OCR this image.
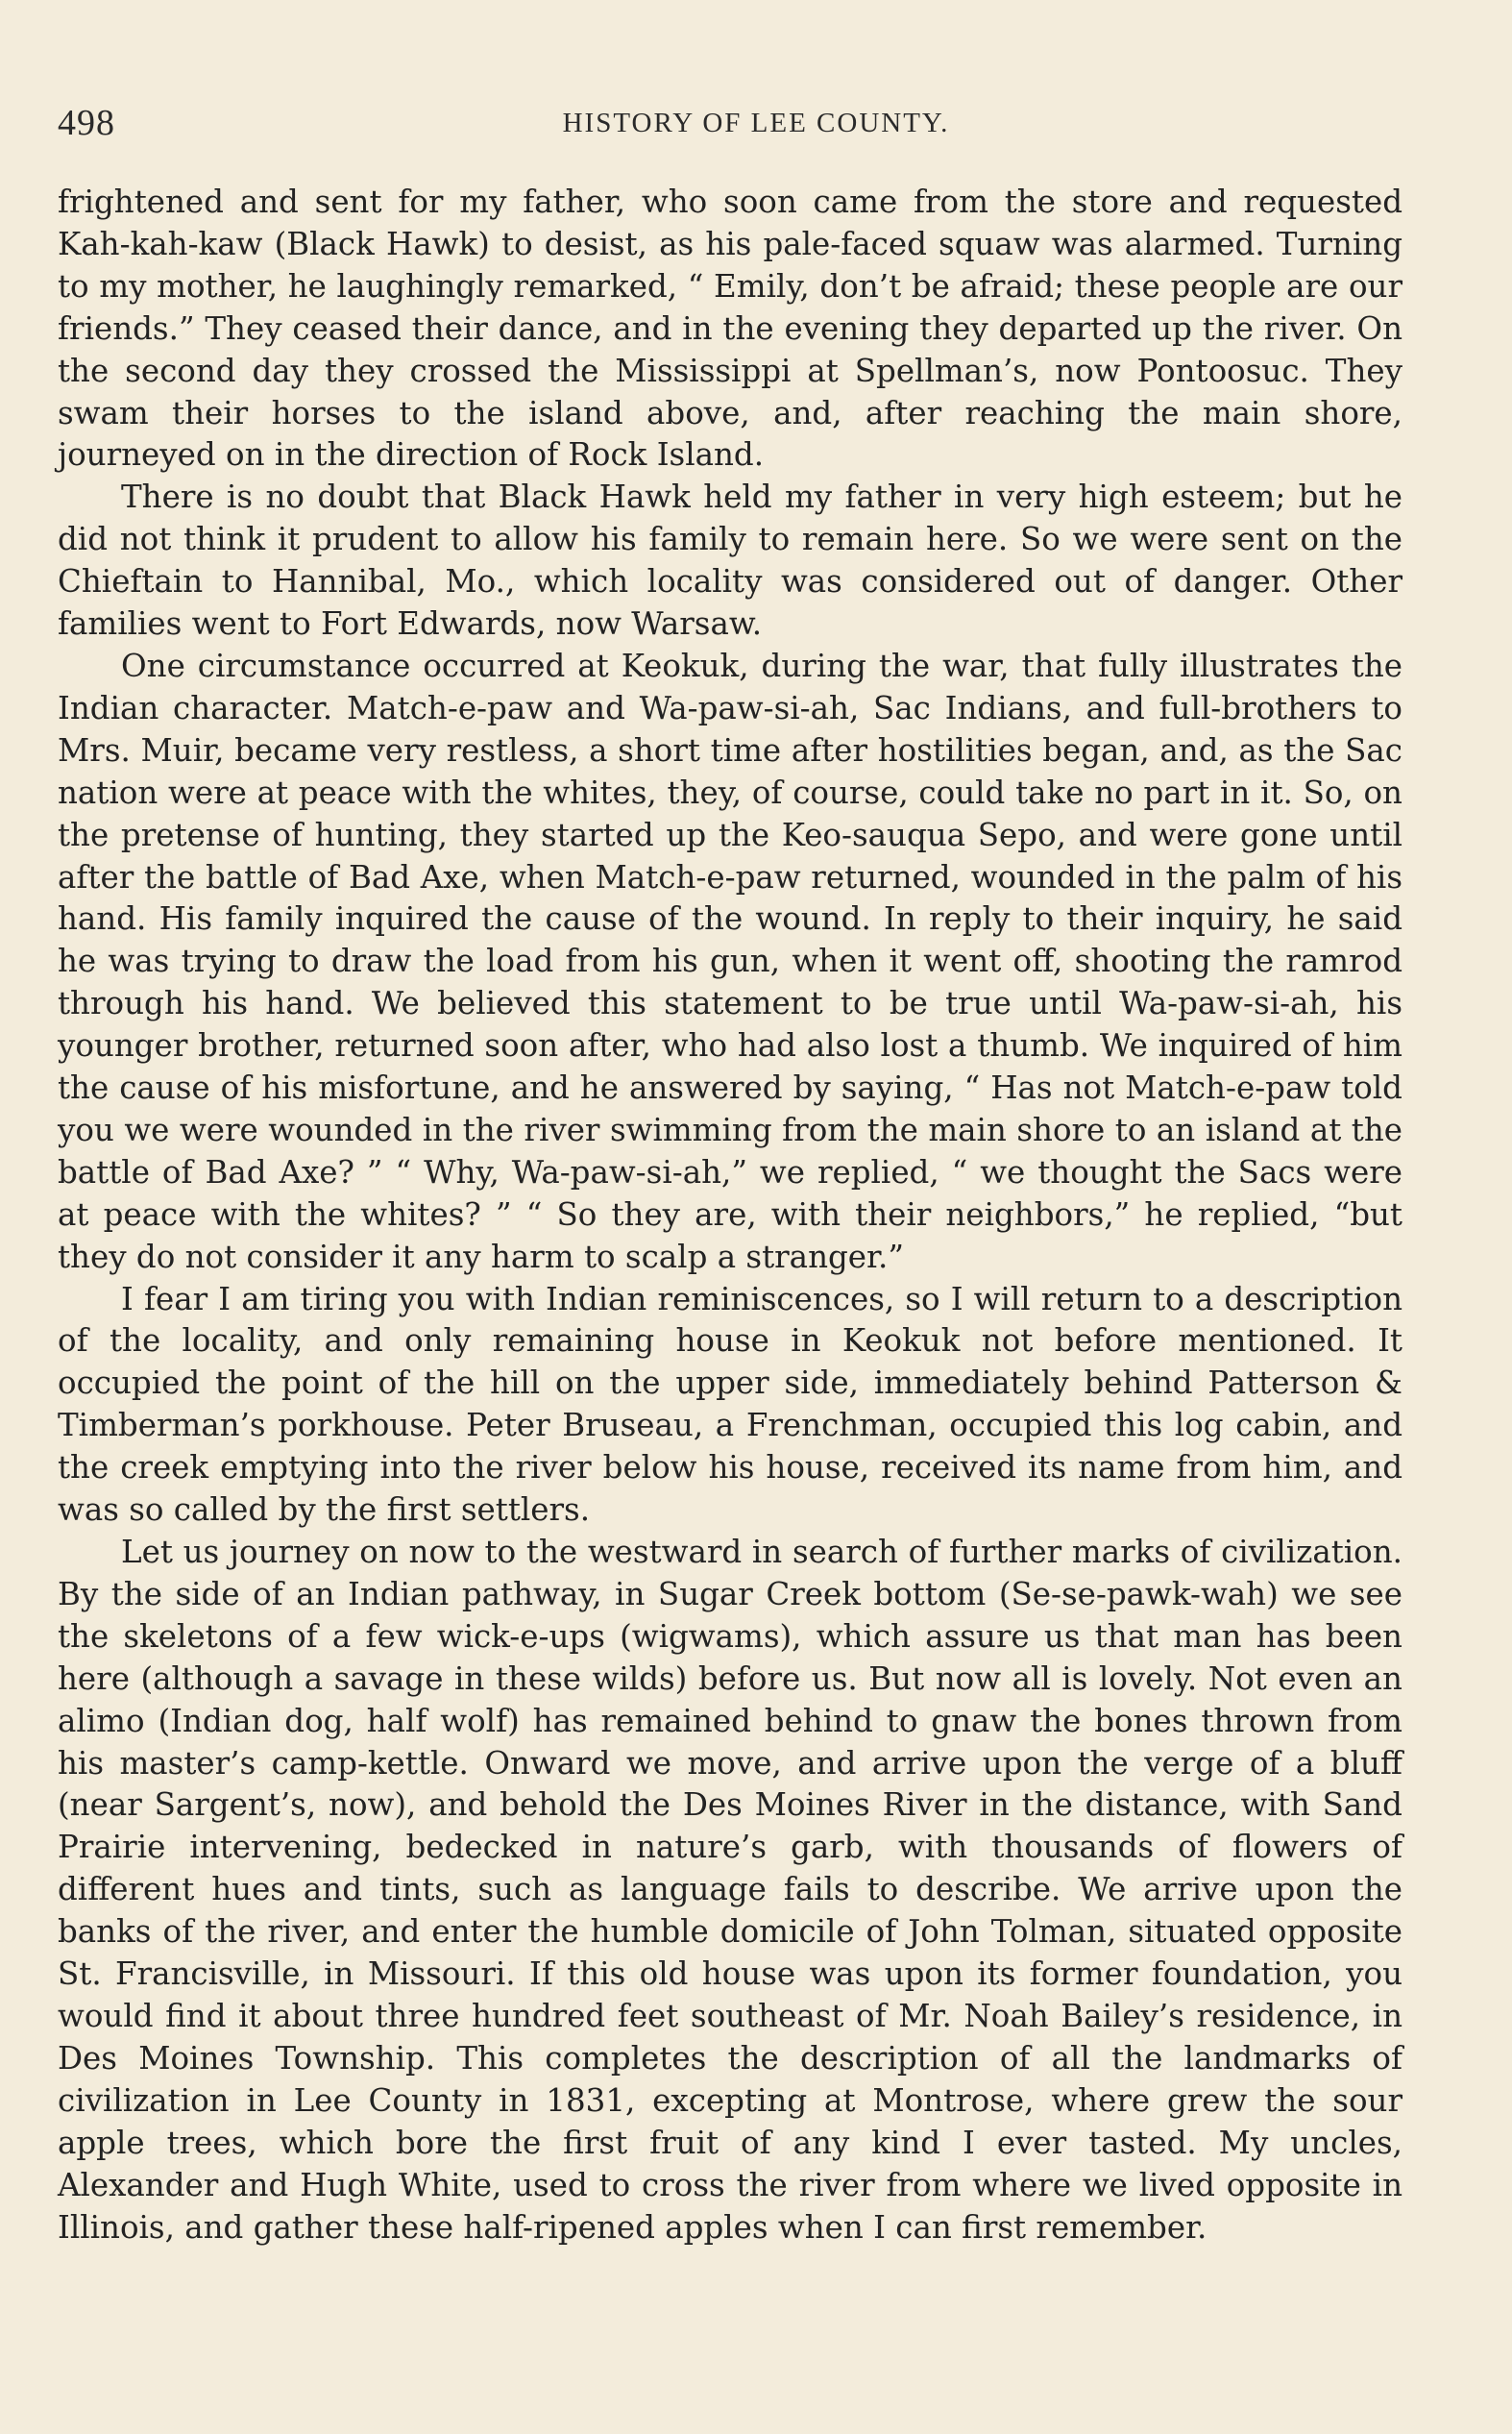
498	HISTORY OF LEE COUNTY.

frightened and sent for my father, who soon came from the store and requested Kah-kah-kaw (Black Hawk) to desist, as his pale-faced squaw was alarmed. Turning to my mother, he laughingly remarked, “ Emily, don’t be afraid; these people are our friends.” They ceased their dance, and in the evening they departed up the river. On the second day they crossed the Mississippi at Spellman’s, now Pontoosuc. They swam their horses to the island above, and, after reaching the main shore, journeyed on in the direction of Rock Island.

There is no doubt that Black Hawk held my father in very high esteem; but he did not think it prudent to allow his family to remain here. So we were sent on the Chieftain to Hannibal, Mo., which locality was considered out of danger. Other families went to Fort Edwards, now Warsaw.

One circumstance occurred at Keokuk, during the war, that fully illustrates the Indian character. Match-e-paw and Wa-paw-si-ah, Sac Indians, and full-brothers to Mrs. Muir, became very restless, a short time after hostilities began, and, as the Sac nation were at peace with the whites, they, of course, could take no part in it. So, on the pretense of hunting, they started up the Keo-sauqua Sepo, and were gone until after the battle of Bad Axe, when Match-e-paw returned, wounded in the palm of his hand. His family inquired the cause of the wound. In reply to their inquiry, he said he was trying to draw the load from his gun, when it went off, shooting the ramrod through his hand. We believed this statement to be true until Wa-paw-si-ah, his younger brother, returned soon after, who had also lost a thumb. We inquired of him the cause of his misfortune, and he answered by saying, “ Has not Match-e-paw told you we were wounded in the river swimming from the main shore to an island at the battle of Bad Axe? ” “ Why, Wa-paw-si-ah,” we replied, “ we thought the Sacs were at peace with the whites? ” “ So they are, with their neighbors,” he replied, “but they do not consider it any harm to scalp a stranger.”

I fear I am tiring you with Indian reminiscences, so I will return to a description of the locality, and only remaining house in Keokuk not before mentioned. It occupied the point of the hill on the upper side, immediately behind Patterson & Timberman’s porkhouse. Peter Bruseau, a Frenchman, occupied this log cabin, and the creek emptying into the river below his house, received its name from him, and was so called by the first settlers.

Let us journey on now to the westward in search of further marks of civilization. By the side of an Indian pathway, in Sugar Creek bottom (Se-se-pawk-wah) we see the skeletons of a few wick-e-ups (wigwams), which assure us that man has been here (although a savage in these wilds) before us. But now all is lovely. Not even an alimo (Indian dog, half wolf) has remained behind to gnaw the bones thrown from his master’s camp-kettle. Onward we move, and arrive upon the verge of a bluff (near Sargent’s, now), and behold the Des Moines River in the distance, with Sand Prairie intervening, bedecked in nature’s garb, with thousands of flowers of different hues and tints, such as language fails to describe. We arrive upon the banks of the river, and enter the humble domicile of John Tolman, situated opposite St. Francisville, in Missouri. If this old house was upon its former foundation, you would find it about three hundred feet southeast of Mr. Noah Bailey’s residence, in Des Moines Township. This completes the description of all the landmarks of civilization in Lee County in 1831, excepting at Montrose, where grew the sour apple trees, which bore the first fruit of any kind I ever tasted. My uncles, Alexander and Hugh White, used to cross the river from where we lived opposite in Illinois, and gather these half-ripened apples when I can first remember.
